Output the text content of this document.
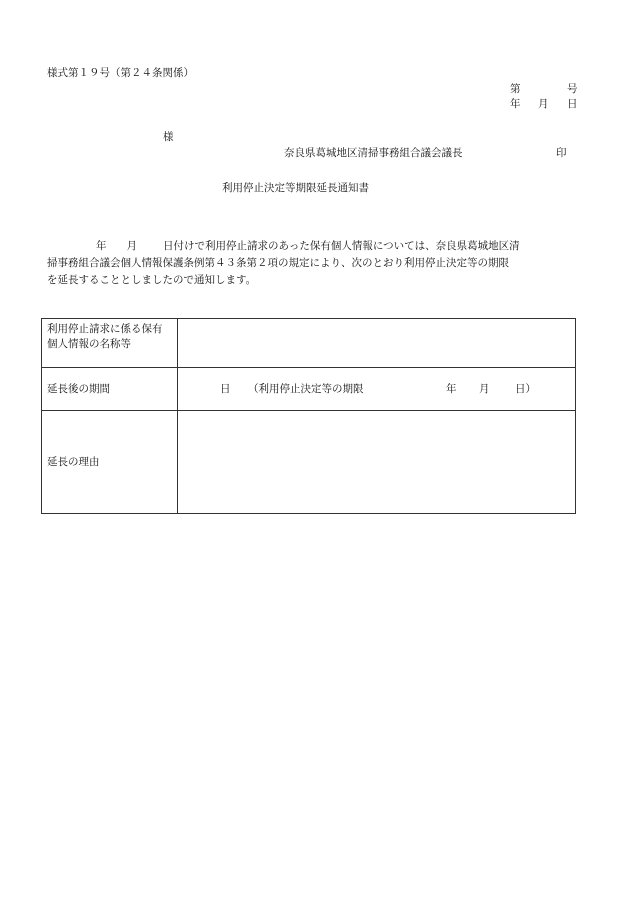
様式第１９号（第２４条関係）
第	号
年 月 日
様
奈良県葛城地区清掃事務組合議会議長	印
利用停止決定等期限延長通知書
年 月 日付けで利用停止請求のあった保有個人情報については、奈良県葛城地区清
掃事務組合議会個人情報保護条例第４３条第２項の規定により、次のとおり利用停止決定等の期限
を延長することとしましたので通知します。
利用停止請求に係る保有個人情報の名称等	
延長後の期間	日 （利用停止決定等の期限 年 月 日）

延長の理由	
